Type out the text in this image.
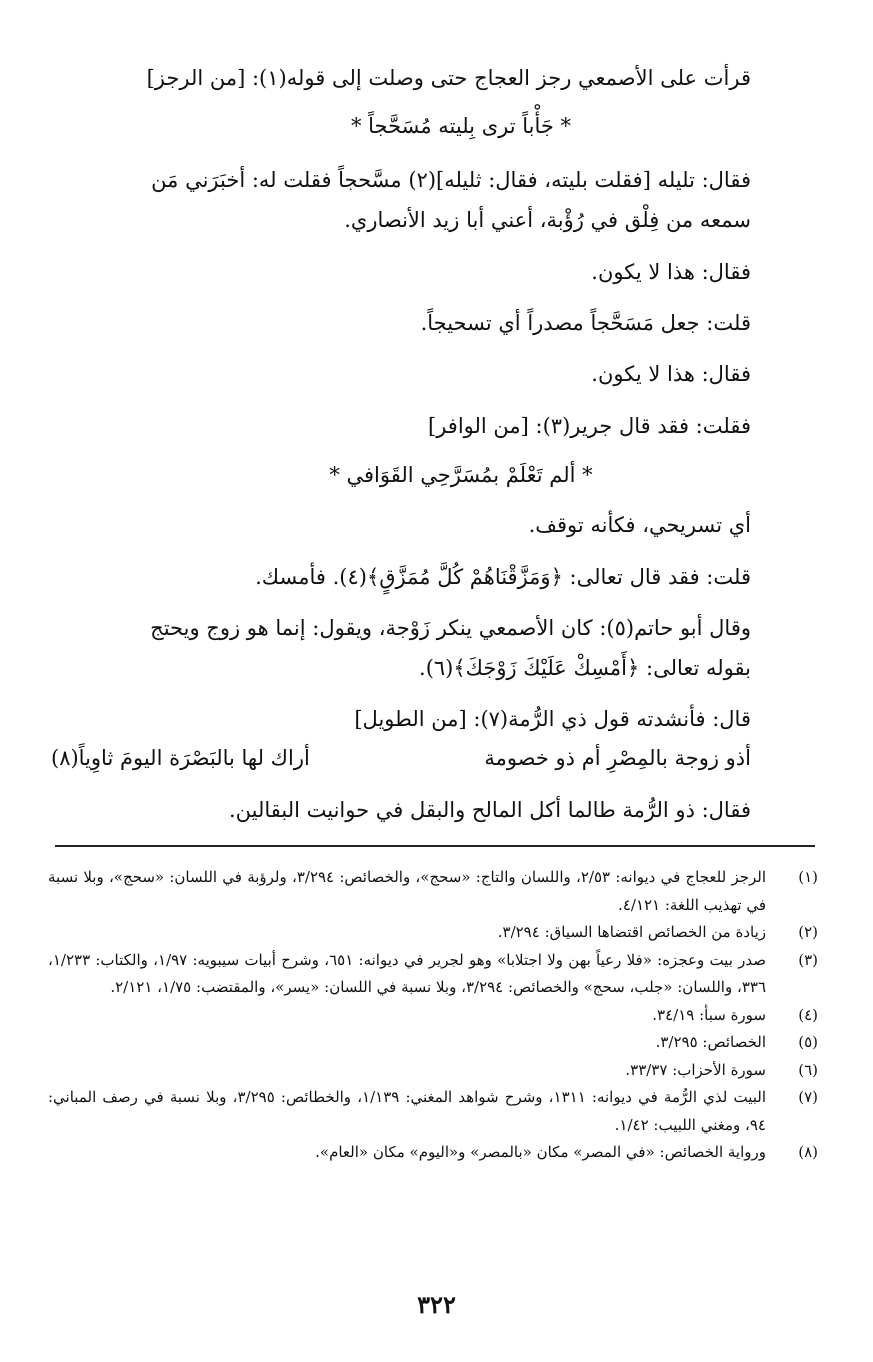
قرأت على الأصمعي رجز العجاج حتى وصلت إلى قوله(١): [من الرجز]

* جَأْباً ترى بِليته مُسَحَّجاً *

فقال: تليله [فقلت بليته، فقال: ثليله](٢) مسَّحجاً فقلت له: أخبَرَني مَن

سمعه من فِلْق في رُؤْبة، أعني أبا زيد الأنصاري.

فقال: هذا لا يكون.

قلت: جعل مَسَحَّجاً مصدراً أي تسحيجاً.

فقال: هذا لا يكون.

فقلت: فقد قال جرير(٣): [من الوافر]

* ألم تَعْلَمْ بمُسَرَّحِي القَوَافي *

أي تسريحي، فكأنه توقف.

قلت: فقد قال تعالى: ﴿وَمَزَّقْنَاهُمْ كُلَّ مُمَزَّقٍ﴾(٤). فأمسك.

وقال أبو حاتم(٥): كان الأصمعي ينكر زَوْجة، ويقول: إنما هو زوج ويحتج

بقوله تعالى: ﴿أَمْسِكْ عَلَيْكَ زَوْجَكَ﴾(٦).

قال: فأنشدته قول ذي الرُّمة(٧): [من الطويل]

أذو زوجة بالمِصْرِ أم ذو خصومة
أراك لها بالبَصْرَة اليومَ ثاوِياً(٨)

فقال: ذو الرُّمة طالما أكل المالح والبقل في حوانيت البقالين.

(١)
الرجز للعجاج في ديوانه: ٢/٥٣، واللسان والتاج: «سحج»، والخصائص: ٣/٢٩٤، ولرؤبة في اللسان: «سحج»، وبلا نسبة في تهذيب اللغة: ٤/١٢١.
(٢)
زيادة من الخصائص اقتضاها السياق: ٣/٢٩٤.
(٣)
صدر بيت وعجزه: «فلا رعياً بهن ولا اجتلابا» وهو لجرير في ديوانه: ٦٥١، وشرح أبيات سيبويه: ١/٩٧، والكتاب: ١/٢٣٣، ٣٣٦، واللسان: «جلب، سحج» والخصائص: ٣/٢٩٤، وبلا نسبة في اللسان: «يسر»، والمقتضب: ١/٧٥، ٢/١٢١.
(٤)
سورة سبأ: ٣٤/١٩.
(٥)
الخصائص: ٣/٢٩٥.
(٦)
سورة الأحزاب: ٣٣/٣٧.
(٧)
البيت لذي الرُّمة في ديوانه: ١٣١١، وشرح شواهد المغني: ١/١٣٩، والخطائص: ٣/٢٩٥، وبلا نسبة في رصف المباني: ٩٤، ومغني اللبيب: ١/٤٢.
(٨)
ورواية الخصائص: «في المصر» مكان «بالمصر» و«اليوم» مكان «العام».
٣٢٢
